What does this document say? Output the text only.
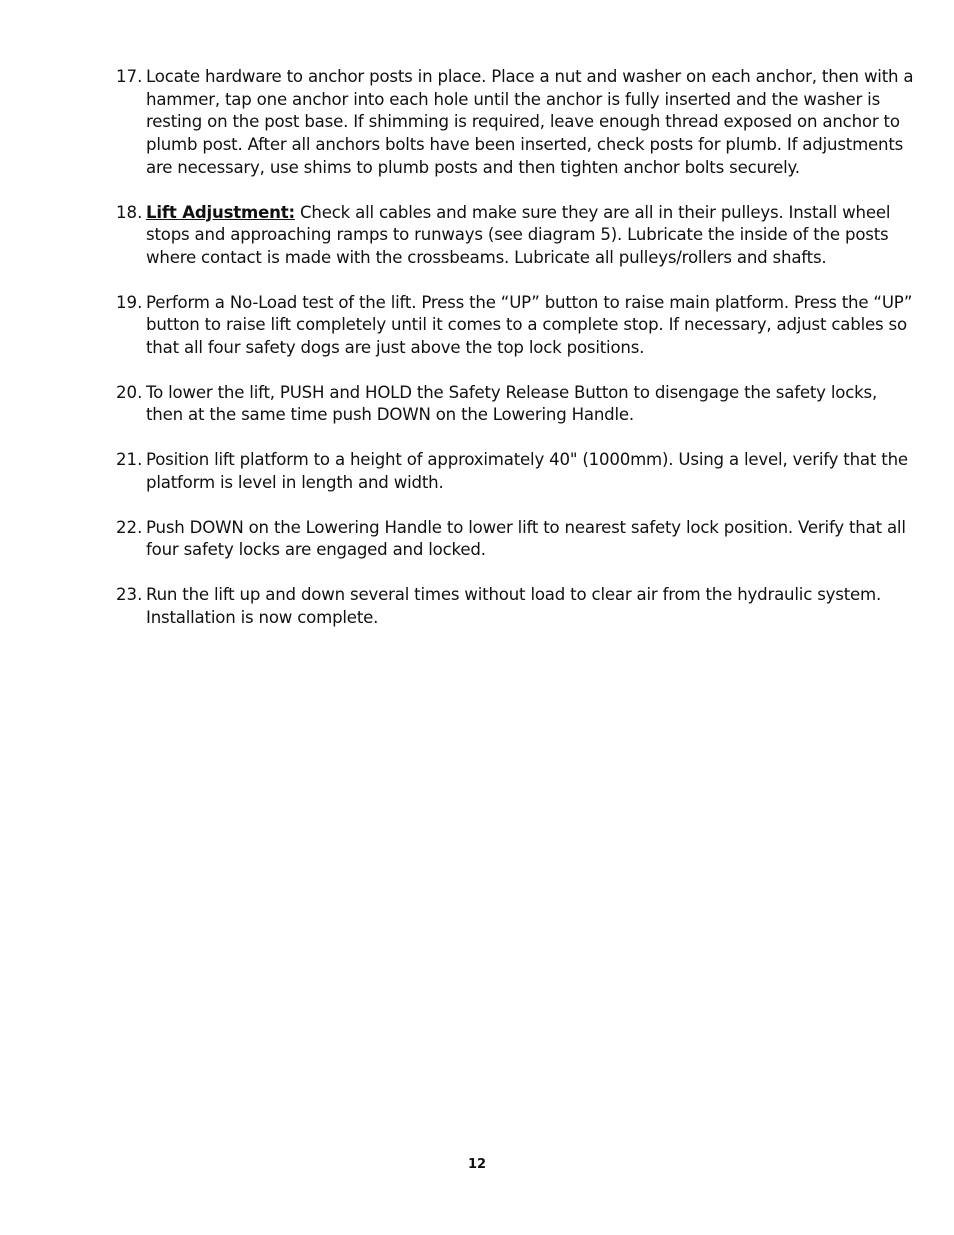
17. Locate hardware to anchor posts in place. Place a nut and washer on each anchor, then with a hammer, tap one anchor into each hole until the anchor is fully inserted and the washer is resting on the post base. If shimming is required, leave enough thread exposed on anchor to plumb post. After all anchors bolts have been inserted, check posts for plumb. If adjustments are necessary, use shims to plumb posts and then tighten anchor bolts securely.
18. Lift Adjustment: Check all cables and make sure they are all in their pulleys. Install wheel stops and approaching ramps to runways (see diagram 5). Lubricate the inside of the posts where contact is made with the crossbeams. Lubricate all pulleys/rollers and shafts.
19. Perform a No-Load test of the lift. Press the “UP” button to raise main platform. Press the “UP” button to raise lift completely until it comes to a complete stop. If necessary, adjust cables so that all four safety dogs are just above the top lock positions.
20. To lower the lift, PUSH and HOLD the Safety Release Button to disengage the safety locks, then at the same time push DOWN on the Lowering Handle.
21. Position lift platform to a height of approximately 40" (1000mm). Using a level, verify that the platform is level in length and width.
22. Push DOWN on the Lowering Handle to lower lift to nearest safety lock position. Verify that all four safety locks are engaged and locked.
23. Run the lift up and down several times without load to clear air from the hydraulic system. Installation is now complete.
12
